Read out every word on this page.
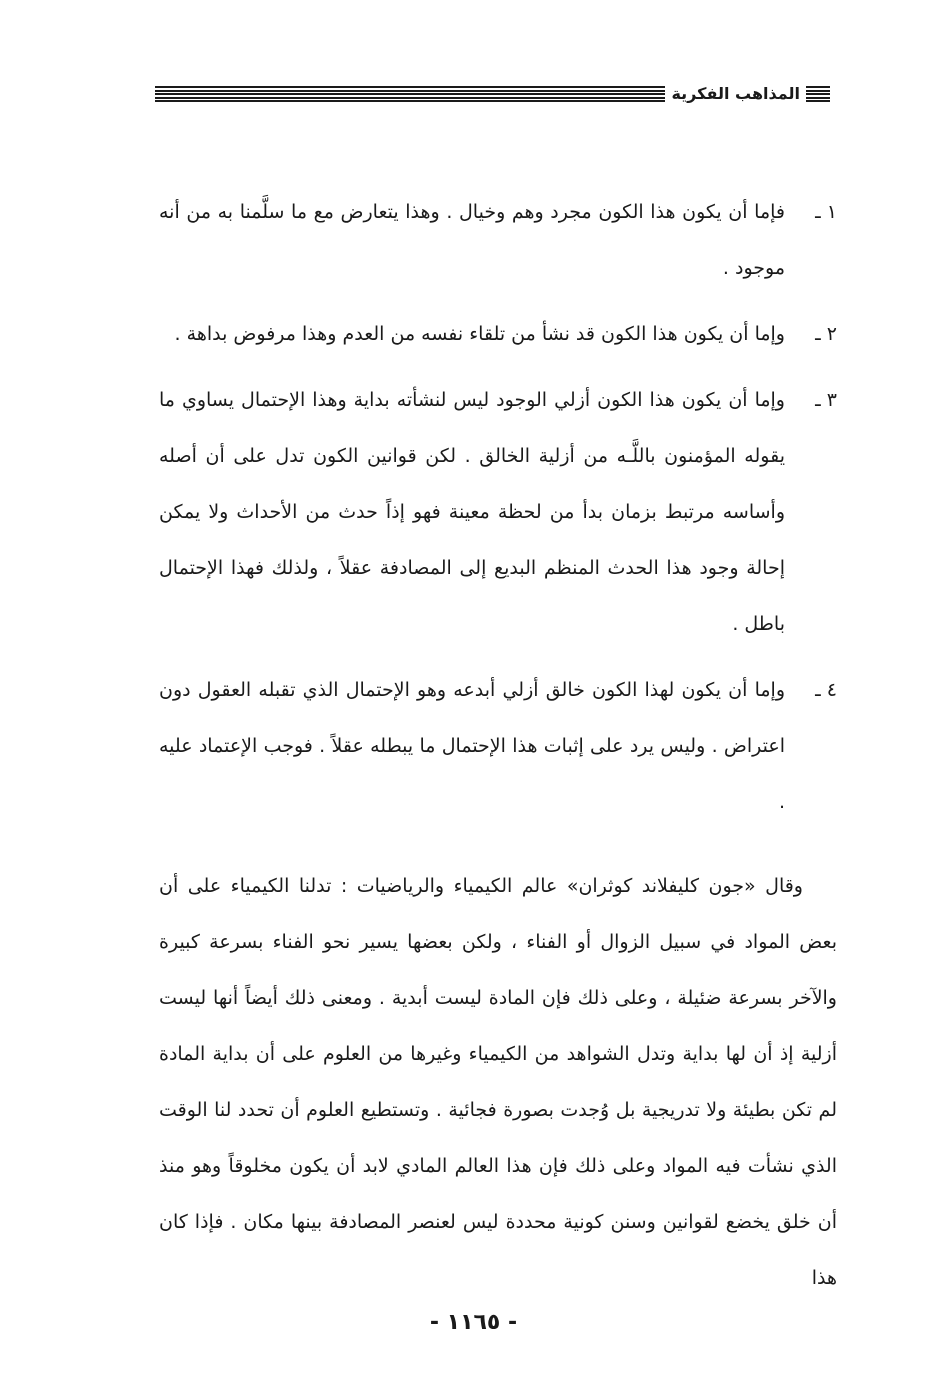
المذاهب الفكرية
١ ـ
فإما أن يكون هذا الكون مجرد وهم وخيال . وهذا يتعارض مع ما سلَّمنا به من أنه موجود .
٢ ـ
وإما أن يكون هذا الكون قد نشأ من تلقاء نفسه من العدم وهذا مرفوض بداهة .
٣ ـ
وإما أن يكون هذا الكون أزلي الوجود ليس لنشأته بداية وهذا الإحتمال يساوي ما يقوله المؤمنون باللَّـه من أزلية الخالق . لكن قوانين الكون تدل على أن أصله وأساسه مرتبط بزمان بدأ من لحظة معينة فهو إذاً حدث من الأحداث ولا يمكن إحالة وجود هذا الحدث المنظم البديع إلى المصادفة عقلاً ، ولذلك فهذا الإحتمال باطل .
٤ ـ
وإما أن يكون لهذا الكون خالق أزلي أبدعه وهو الإحتمال الذي تقبله العقول دون اعتراض . وليس يرد على إثبات هذا الإحتمال ما يبطله عقلاً . فوجب الإعتماد عليه .

وقال «جون كليفلاند كوثران» عالم الكيمياء والرياضيات : تدلنا الكيمياء على أن بعض المواد في سبيل الزوال أو الفناء ، ولكن بعضها يسير نحو الفناء بسرعة كبيرة والآخر بسرعة ضئيلة ، وعلى ذلك فإن المادة ليست أبدية . ومعنى ذلك أيضاً أنها ليست أزلية إذ أن لها بداية وتدل الشواهد من الكيمياء وغيرها من العلوم على أن بداية المادة لم تكن بطيئة ولا تدريجية بل وُجدت بصورة فجائية . وتستطيع العلوم أن تحدد لنا الوقت الذي نشأت فيه المواد وعلى ذلك فإن هذا العالم المادي لابد أن يكون مخلوقاً وهو منذ أن خلق يخضع لقوانين وسنن كونية محددة ليس لعنصر المصادفة بينها مكان . فإذا كان هذا

- ١١٦٥ -
